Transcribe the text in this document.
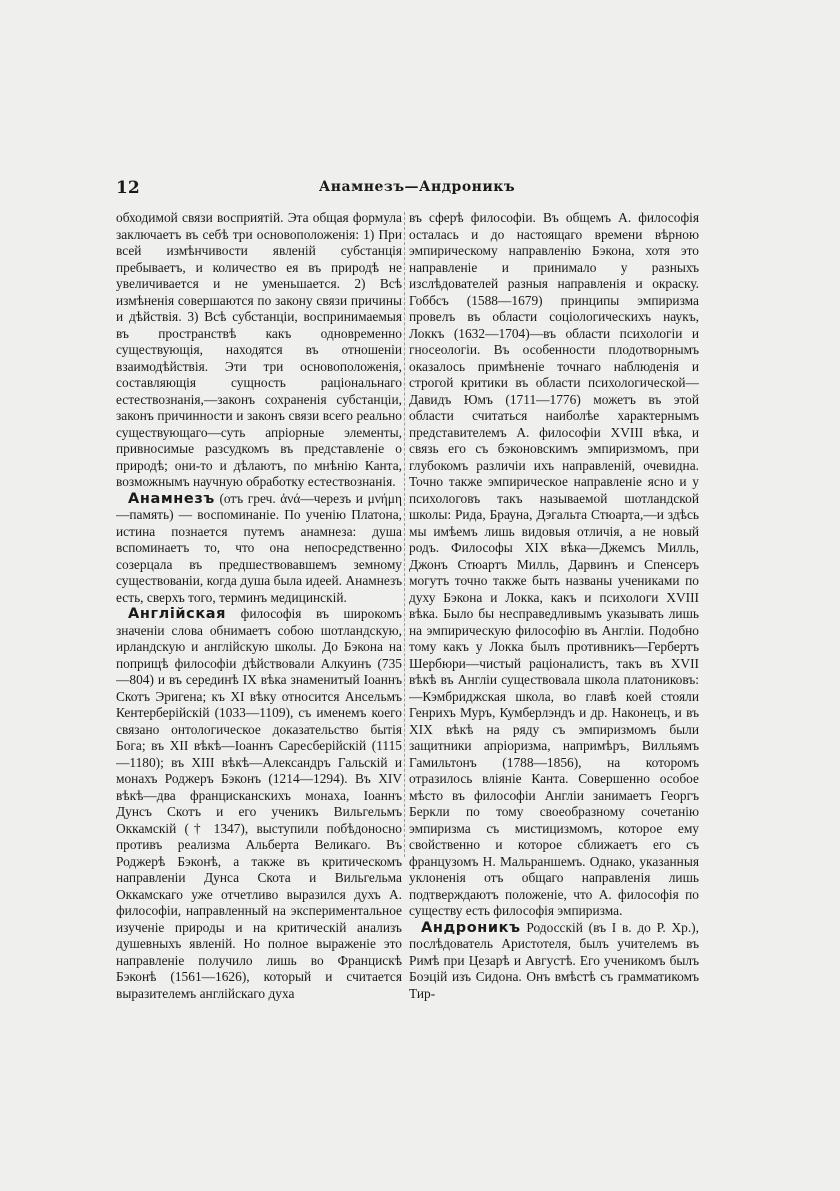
12	Анамнезъ—Андроникъ

обходимой связи восприятій. Эта общая формула заключаетъ въ себѣ три основоположенія: 1) При всей измѣнчивости явленій субстанція пребываетъ, и количество ея въ природѣ не увеличивается и не уменьшается. 2) Всѣ измѣненія совершаются по закону связи причины и дѣйствія. 3) Всѣ субстанціи, воспринимаемыя въ пространствѣ какъ одновременно существующія, находятся въ отношеніи взаимодѣйствія. Эти три основоположенія, составляющія сущность раціональнаго естествознанія,—законъ сохраненія субстанціи, законъ причинности и законъ связи всего реально существующаго—суть апріорные элементы, привносимые разсудкомъ въ представленіе о природѣ; они-то и дѣлаютъ, по мнѣнію Канта, возможнымъ научную обработку естествознанія.

Анамнезъ (отъ греч. ἀνά—черезъ и μνήμη—память) — воспоминаніе. По ученію Платона, истина познается путемъ анамнеза: душа вспоминаетъ то, что она непосредственно созерцала въ предшествовавшемъ земному существованіи, когда душа была идеей. Анамнезъ есть, сверхъ того, терминъ медицинскій.

Англійская философія въ широкомъ значеніи слова обнимаетъ собою шотландскую, ирландскую и англійскую школы. До Бэкона на поприщѣ философіи дѣйствовали Алкуинъ (735—804) и въ серединѣ IX вѣка знаменитый Іоаннъ Скотъ Эригена; къ XI вѣку относится Ансельмъ Кентерберійскій (1033—1109), съ именемъ коего связано онтологическое доказательство бытія Бога; въ XII вѣкѣ—Іоаннъ Саресберійскій (1115—1180); въ XIII вѣкѣ—Александръ Гальскій и монахъ Роджеръ Бэконъ (1214—1294). Въ XIV вѣкѣ—два францисканскихъ монаха, Іоаннъ Дунсъ Скотъ и его ученикъ Вильгельмъ Оккамскій († 1347), выступили побѣдоносно противъ реализма Альберта Великаго. Въ Роджерѣ Бэконѣ, а также въ критическомъ направленіи Дунса Скота и Вильгельма Оккамскаго уже отчетливо выразился духъ А. философіи, направленный на экспериментальное изученіе природы и на критическій анализъ душевныхъ явленій. Но полное выраженіе это направленіе получило лишь во Францискѣ Бэконѣ (1561—1626), который и считается выразителемъ англійскаго духа

въ сферѣ философіи. Въ общемъ А. философія осталась и до настоящаго времени вѣрною эмпирическому направленію Бэкона, хотя это направленіе и принимало у разныхъ изслѣдователей разныя направленія и окраску. Гоббсъ (1588—1679) принципы эмпиризма провелъ въ области соціологическихъ наукъ, Локкъ (1632—1704)—въ области психологіи и гносеологіи. Въ особенности плодотворнымъ оказалось примѣненіе точнаго наблюденія и строгой критики въ области психологической—Давидъ Юмъ (1711—1776) можетъ въ этой области считаться наиболѣе характернымъ представителемъ А. философіи XVIII вѣка, и связь его съ бэконовскимъ эмпиризмомъ, при глубокомъ различіи ихъ направленій, очевидна. Точно также эмпирическое направленіе ясно и у психологовъ такъ называемой шотландской школы: Рида, Брауна, Дэгальта Стюарта,—и здѣсь мы имѣемъ лишь видовыя отличія, а не новый родъ. Философы XIX вѣка—Джемсъ Милль, Джонъ Стюартъ Милль, Дарвинъ и Спенсеръ могутъ точно также быть названы учениками по духу Бэкона и Локка, какъ и психологи XVIII вѣка. Было бы несправедливымъ указывать лишь на эмпирическую философію въ Англіи. Подобно тому какъ у Локка былъ противникъ—Гербертъ Шербюри—чистый раціоналистъ, такъ въ XVII вѣкѣ въ Англіи существовала школа платониковъ:—Кэмбриджская школа, во главѣ коей стояли Генрихъ Муръ, Кумберлэндъ и др. Наконецъ, и въ XIX вѣкѣ на ряду съ эмпиризмомъ были защитники апріоризма, напримѣръ, Вилльямъ Гамильтонъ (1788—1856), на которомъ отразилось вліяніе Канта. Совершенно особое мѣсто въ философіи Англіи занимаетъ Георгъ Беркли по тому своеобразному сочетанію эмпиризма съ мистицизмомъ, которое ему свойственно и которое сближаетъ его съ французомъ Н. Мальраншемъ. Однако, указанныя уклоненія отъ общаго направленія лишь подтверждаютъ положеніе, что А. философія по существу есть философія эмпиризма.

Андроникъ Родосскій (въ I в. до Р. Хр.), послѣдователь Аристотеля, былъ учителемъ въ Римѣ при Цезарѣ и Августѣ. Его ученикомъ былъ Боэцій изъ Сидона. Онъ вмѣстѣ съ грамматикомъ Тир-
